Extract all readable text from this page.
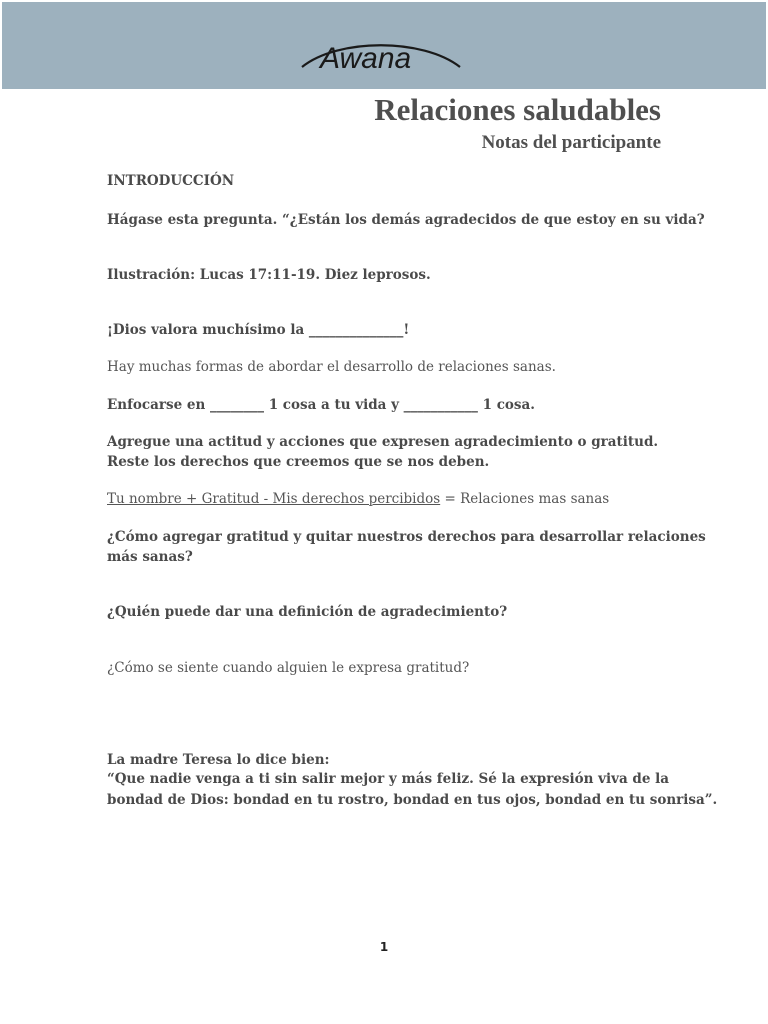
Awana
Relaciones saludables
Notas del participante

INTRODUCCIÓN

Hágase esta pregunta. “¿Están los demás agradecidos de que estoy en su vida?

Ilustración: Lucas 17:11-19. Diez leprosos.

¡Dios valora muchísimo la ______________!

Hay muchas formas de abordar el desarrollo de relaciones sanas.

Enfocarse en ________ 1 cosa a tu vida y ___________ 1 cosa.

Agregue una actitud y acciones que expresen agradecimiento o gratitud.

Reste los derechos que creemos que se nos deben.

Tu nombre + Gratitud - Mis derechos percibidos = Relaciones mas sanas

¿Cómo agregar gratitud y quitar nuestros derechos para desarrollar relaciones

más sanas?

¿Quién puede dar una definición de agradecimiento?

¿Cómo se siente cuando alguien le expresa gratitud?

La madre Teresa lo dice bien:

“Que nadie venga a ti sin salir mejor y más feliz. Sé la expresión viva de la

bondad de Dios: bondad en tu rostro, bondad en tus ojos, bondad en tu sonrisa”.

1
